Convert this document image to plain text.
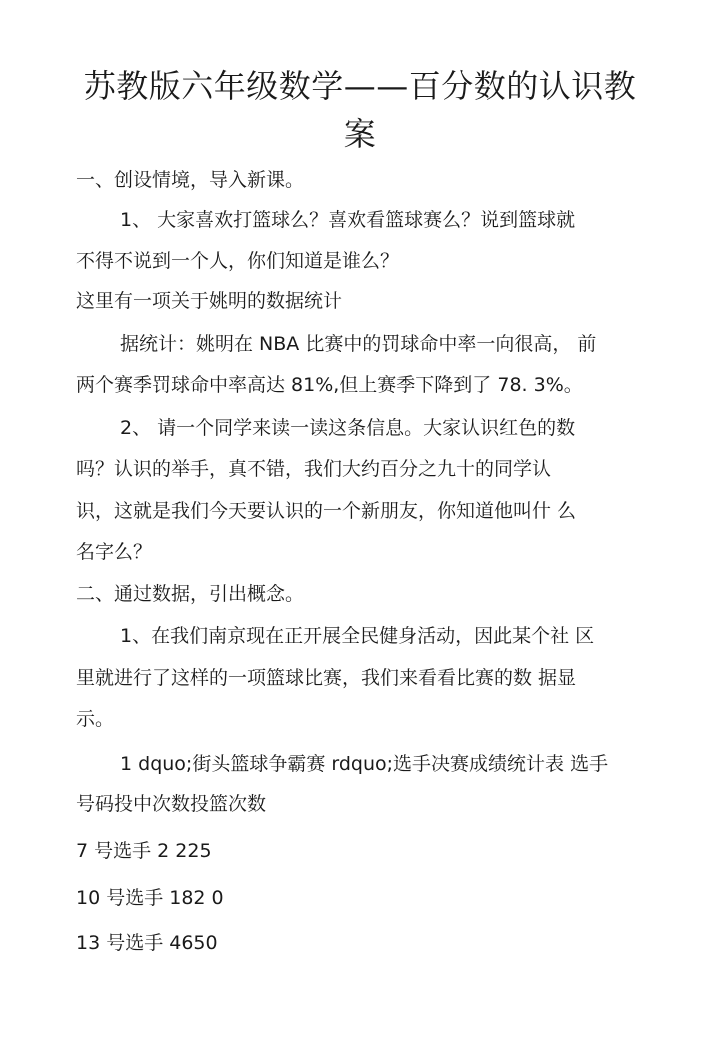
苏教版六年级数学——百分数的认识教
案
一、创设情境，导入新课。
1、 大家喜欢打篮球么？喜欢看篮球赛么？说到篮球就
不得不说到一个人，你们知道是谁么？
这里有一项关于姚明的数据统计
据统计：姚明在 NBA 比赛中的罚球命中率一向很高， 前
两个赛季罚球命中率高达 81%,但上赛季下降到了 78. 3%。
2、 请一个同学来读一读这条信息。大家认识红色的数
吗？认识的举手，真不错，我们大约百分之九十的同学认
识，这就是我们今天要认识的一个新朋友，你知道他叫什 么
名字么？
二、通过数据，引出概念。
1、在我们南京现在正开展全民健身活动，因此某个社 区
里就进行了这样的一项篮球比赛，我们来看看比赛的数 据显
示。
1 dquo;街头篮球争霸赛 rdquo;选手决赛成绩统计表 选手
号码投中次数投篮次数
7 号选手 2 225
10 号选手 182 0
13 号选手 4650
